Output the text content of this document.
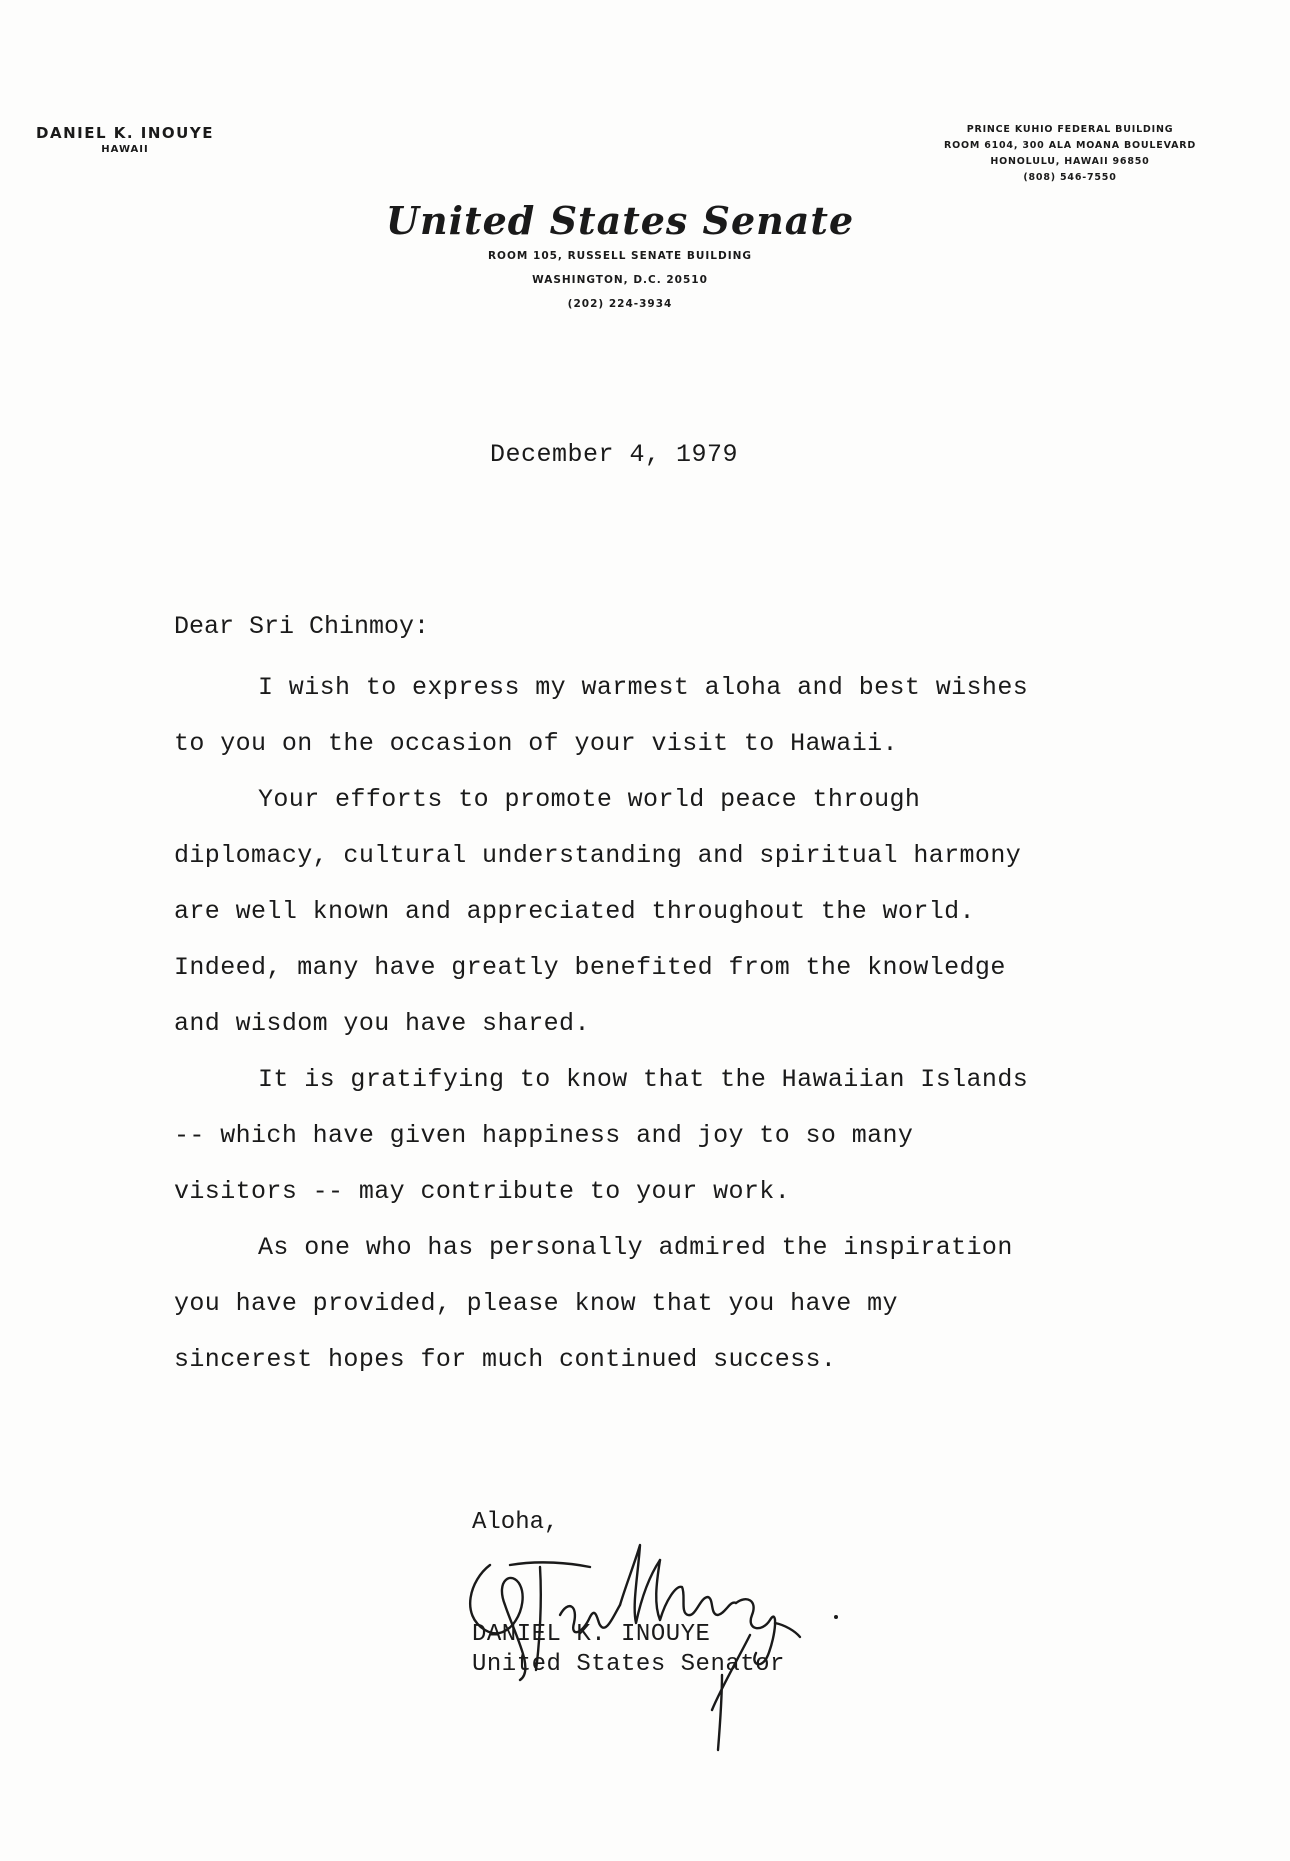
DANIEL K. INOUYE
HAWAII
PRINCE KUHIO FEDERAL BUILDING
ROOM 6104, 300 ALA MOANA BOULEVARD
HONOLULU, HAWAII 96850
(808) 546-7550
United States Senate
ROOM 105, RUSSELL SENATE BUILDING
WASHINGTON, D.C. 20510
(202) 224-3934
December 4, 1979
Dear Sri Chinmoy:

I wish to express my warmest aloha and best wishes to you on the occasion of your visit to Hawaii.

Your efforts to promote world peace through diplomacy, cultural understanding and spiritual harmony are well known and appreciated throughout the world. Indeed, many have greatly benefited from the knowledge and wisdom you have shared.

It is gratifying to know that the Hawaiian Islands -- which have given happiness and joy to so many visitors -- may contribute to your work.

As one who has personally admired the inspiration you have provided, please know that you have my sincerest hopes for much continued success.

Aloha,
DANIEL K. INOUYE
United States Senator
